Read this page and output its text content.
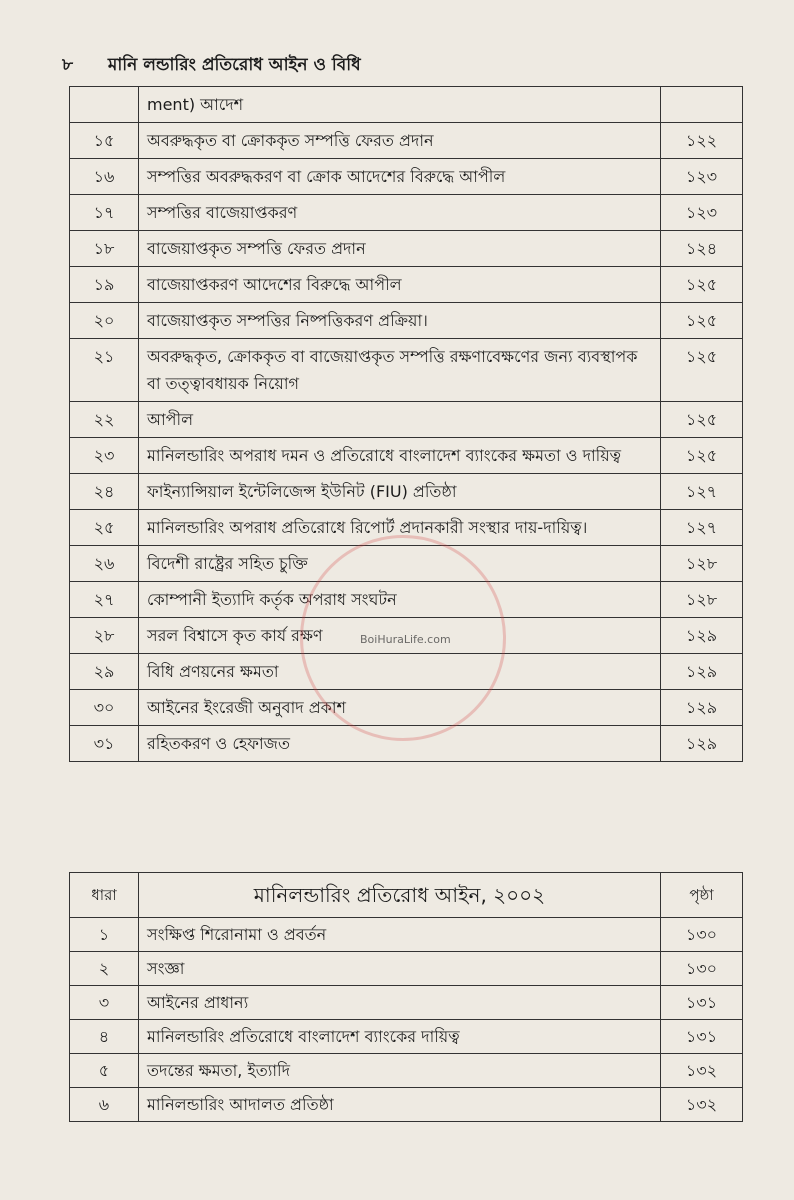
৮ মানি লন্ডারিং প্রতিরোধ আইন ও বিধি
	ment) আদেশ	
১৫	অবরুদ্ধকৃত বা ক্রোককৃত সম্পত্তি ফেরত প্রদান	১২২
১৬	সম্পত্তির অবরুদ্ধকরণ বা ক্রোক আদেশের বিরুদ্ধে আপীল	১২৩
১৭	সম্পত্তির বাজেয়াপ্তকরণ	১২৩
১৮	বাজেয়াপ্তকৃত সম্পত্তি ফেরত প্রদান	১২৪
১৯	বাজেয়াপ্তকরণ আদেশের বিরুদ্ধে আপীল	১২৫
২০	বাজেয়াপ্তকৃত সম্পত্তির নিষ্পত্তিকরণ প্রক্রিয়া।	১২৫
২১	অবরুদ্ধকৃত, ক্রোককৃত বা বাজেয়াপ্তকৃত সম্পত্তি রক্ষণাবেক্ষণের জন্য ব্যবস্থাপক বা তত্ত্বাবধায়ক নিয়োগ	১২৫
২২	আপীল	১২৫
২৩	মানিলন্ডারিং অপরাধ দমন ও প্রতিরোধে বাংলাদেশ ব্যাংকের ক্ষমতা ও দায়িত্ব	১২৫
২৪	ফাইন্যান্সিয়াল ইন্টেলিজেন্স ইউনিট (FIU) প্রতিষ্ঠা	১২৭
২৫	মানিলন্ডারিং অপরাধ প্রতিরোধে রিপোর্ট প্রদানকারী সংস্থার দায়-দায়িত্ব।	১২৭
২৬	বিদেশী রাষ্ট্রের সহিত চুক্তি	১২৮
২৭	কোম্পানী ইত্যাদি কর্তৃক অপরাধ সংঘটন	১২৮
২৮	সরল বিশ্বাসে কৃত কার্য রক্ষণ	১২৯
২৯	বিধি প্রণয়নের ক্ষমতা	১২৯
৩০	আইনের ইংরেজী অনুবাদ প্রকাশ	১২৯
৩১	রহিতকরণ ও হেফাজত	১২৯
ধারা	মানিলন্ডারিং প্রতিরোধ আইন, ২০০২	পৃষ্ঠা
১	সংক্ষিপ্ত শিরোনামা ও প্রবর্তন	১৩০
২	সংজ্ঞা	১৩০
৩	আইনের প্রাধান্য	১৩১
৪	মানিলন্ডারিং প্রতিরোধে বাংলাদেশ ব্যাংকের দায়িত্ব	১৩১
৫	তদন্তের ক্ষমতা, ইত্যাদি	১৩২
৬	মানিলন্ডারিং আদালত প্রতিষ্ঠা	১৩২
BoiHuraLife.com
